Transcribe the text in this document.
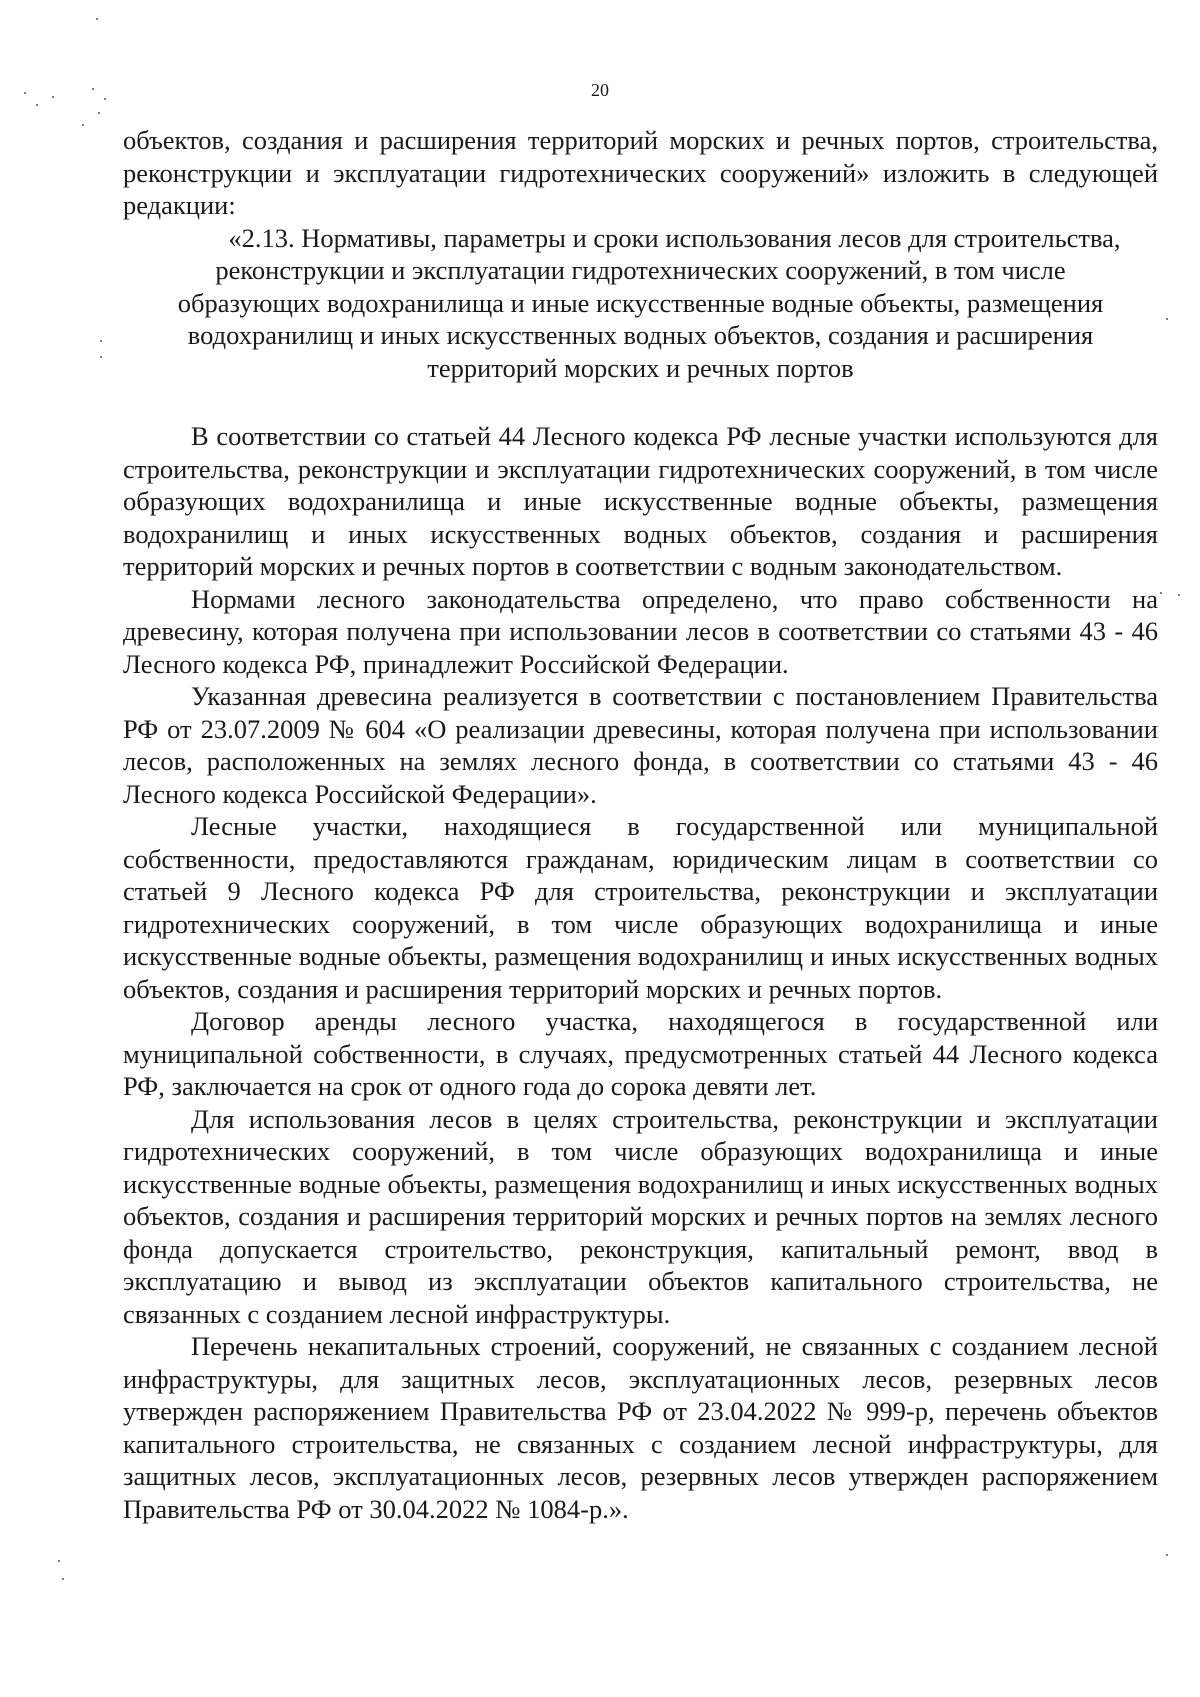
20

объектов, создания и расширения территорий морских и речных портов, строительства, реконструкции и эксплуатации гидротехнических сооружений» изложить в следующей редакции:

«2.13. Нормативы, параметры и сроки использования лесов для строительства,

реконструкции и эксплуатации гидротехнических сооружений, в том числе

образующих водохранилища и иные искусственные водные объекты, размещения

водохранилищ и иных искусственных водных объектов, создания и расширения

территорий морских и речных портов

В соответствии со статьей 44 Лесного кодекса РФ лесные участки используются для строительства, реконструкции и эксплуатации гидротехнических сооружений, в том числе образующих водохранилища и иные искусственные водные объекты, размещения водохранилищ и иных искусственных водных объектов, создания и расширения территорий морских и речных портов в соответствии с водным законодательством.

Нормами лесного законодательства определено, что право собственности на древесину, которая получена при использовании лесов в соответствии со статьями 43 - 46 Лесного кодекса РФ, принадлежит Российской Федерации.

Указанная древесина реализуется в соответствии с постановлением Правительства РФ от 23.07.2009 № 604 «О реализации древесины, которая получена при использовании лесов, расположенных на землях лесного фонда, в соответствии со статьями 43 - 46 Лесного кодекса Российской Федерации».

Лесные участки, находящиеся в государственной или муниципальной собственности, предоставляются гражданам, юридическим лицам в соответствии со статьей 9 Лесного кодекса РФ для строительства, реконструкции и эксплуатации гидротехнических сооружений, в том числе образующих водохранилища и иные искусственные водные объекты, размещения водохранилищ и иных искусственных водных объектов, создания и расширения территорий морских и речных портов.

Договор аренды лесного участка, находящегося в государственной или муниципальной собственности, в случаях, предусмотренных статьей 44 Лесного кодекса РФ, заключается на срок от одного года до сорока девяти лет.

Для использования лесов в целях строительства, реконструкции и эксплуатации гидротехнических сооружений, в том числе образующих водохранилища и иные искусственные водные объекты, размещения водохранилищ и иных искусственных водных объектов, создания и расширения территорий морских и речных портов на землях лесного фонда допускается строительство, реконструкция, капитальный ремонт, ввод в эксплуатацию и вывод из эксплуатации объектов капитального строительства, не связанных с созданием лесной инфраструктуры.

Перечень некапитальных строений, сооружений, не связанных с созданием лесной инфраструктуры, для защитных лесов, эксплуатационных лесов, резервных лесов утвержден распоряжением Правительства РФ от 23.04.2022 № 999-р, перечень объектов капитального строительства, не связанных с созданием лесной инфраструктуры, для защитных лесов, эксплуатационных лесов, резервных лесов утвержден распоряжением Правительства РФ от 30.04.2022 № 1084-р.».
